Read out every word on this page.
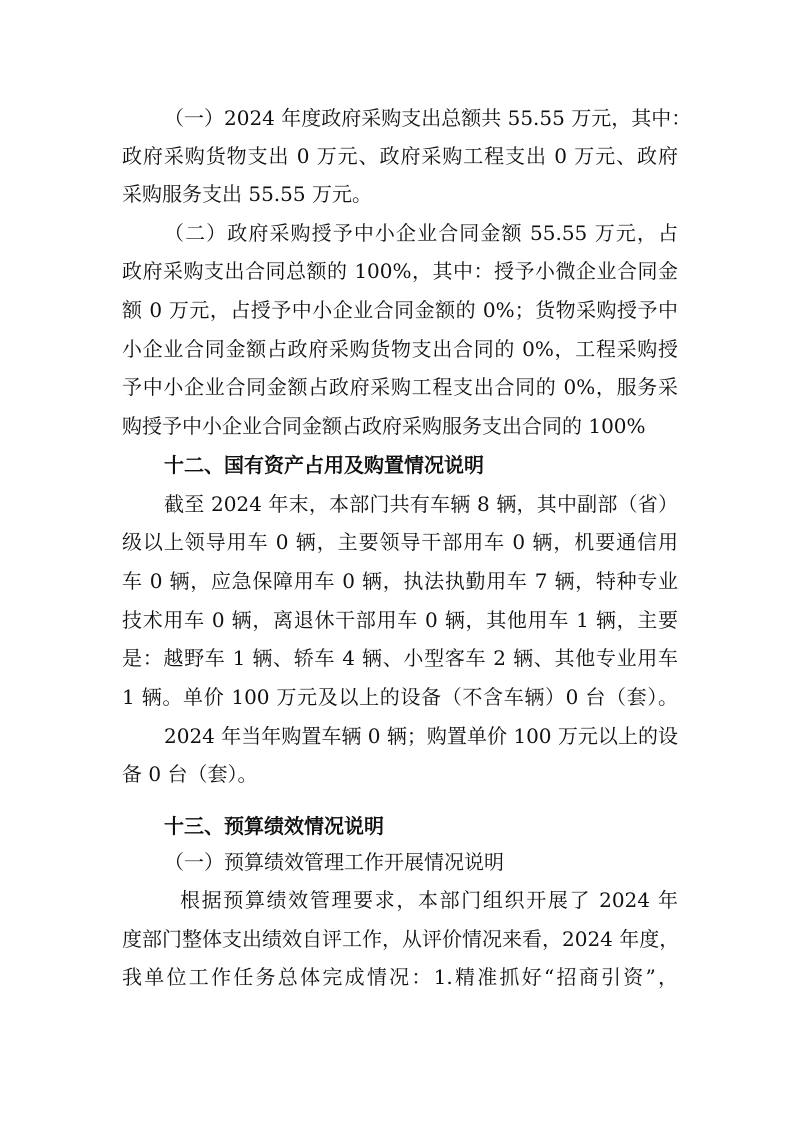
（一）2024 年度政府采购支出总额共 55.55 万元，其中：
政府采购货物支出 0 万元、政府采购工程支出 0 万元、政府
采购服务支出 55.55 万元。
（二）政府采购授予中小企业合同金额 55.55 万元，占
政府采购支出合同总额的 100%，其中：授予小微企业合同金
额 0 万元，占授予中小企业合同金额的 0%；货物采购授予中
小企业合同金额占政府采购货物支出合同的 0%，工程采购授
予中小企业合同金额占政府采购工程支出合同的 0%，服务采
购授予中小企业合同金额占政府采购服务支出合同的 100%
十二、国有资产占用及购置情况说明
截至 2024 年末，本部门共有车辆 8 辆，其中副部（省）
级以上领导用车 0 辆，主要领导干部用车 0 辆，机要通信用
车 0 辆，应急保障用车 0 辆，执法执勤用车 7 辆，特种专业
技术用车 0 辆，离退休干部用车 0 辆，其他用车 1 辆，主要
是：越野车 1 辆、轿车 4 辆、小型客车 2 辆、其他专业用车
1 辆。单价 100 万元及以上的设备（不含车辆）0 台（套）。
2024 年当年购置车辆 0 辆；购置单价 100 万元以上的设
备 0 台（套）。
十三、预算绩效情况说明
（一）预算绩效管理工作开展情况说明
根据预算绩效管理要求，本部门组织开展了 2024 年
度部门整体支出绩效自评工作，从评价情况来看，2024 年度，
我单位工作任务总体完成情况：1.精准抓好“招商引资”，
